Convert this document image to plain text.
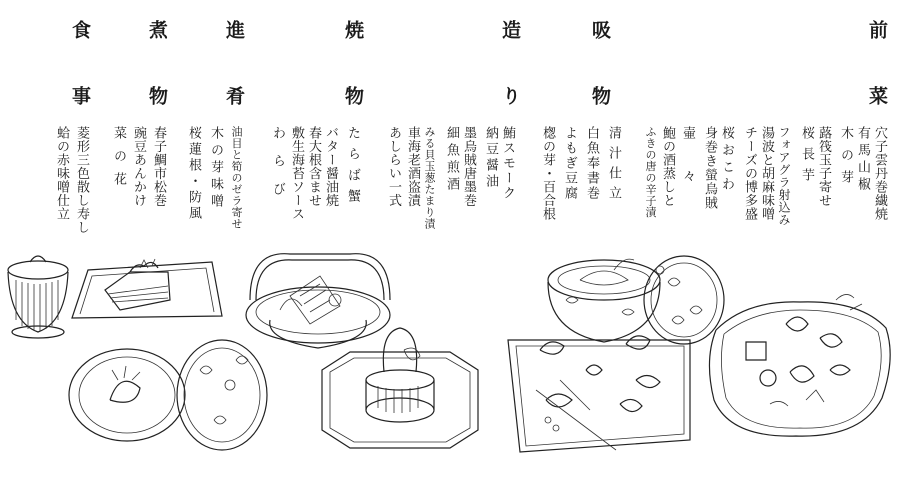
前
菜
穴子雲丹巻繊焼
有馬山椒
木の芽
蕗筏玉子寄せ
桜長芋
フォアグラ射込み
湯波と胡麻味噌
チーズの博多盛
桜おこわ
身巻き螢烏賊
壷々
鮑の酒蒸しと
ふきの唐の辛子漬
吸
物
清汁仕立
白魚奉書巻
よもぎ豆腐
楤の芽・百合根
造
り
鮪スモーク
納豆醤油
墨烏賊唐墨巻
細魚煎酒
みる貝玉葱たまり漬
車海老酒盗漬
あしらい一式
焼
物
たらば蟹
バター醤油焼
春大根含ませ
敷生海苔ソース
わらび
進
肴
油目と筍のゼラ寄せ
木の芽味噌
桜蓮根・防風
煮
物
春子鯛市松巻
豌豆あんかけ
菜の花
食
事
菱形三色散し寿し
蛤の赤味噌仕立
